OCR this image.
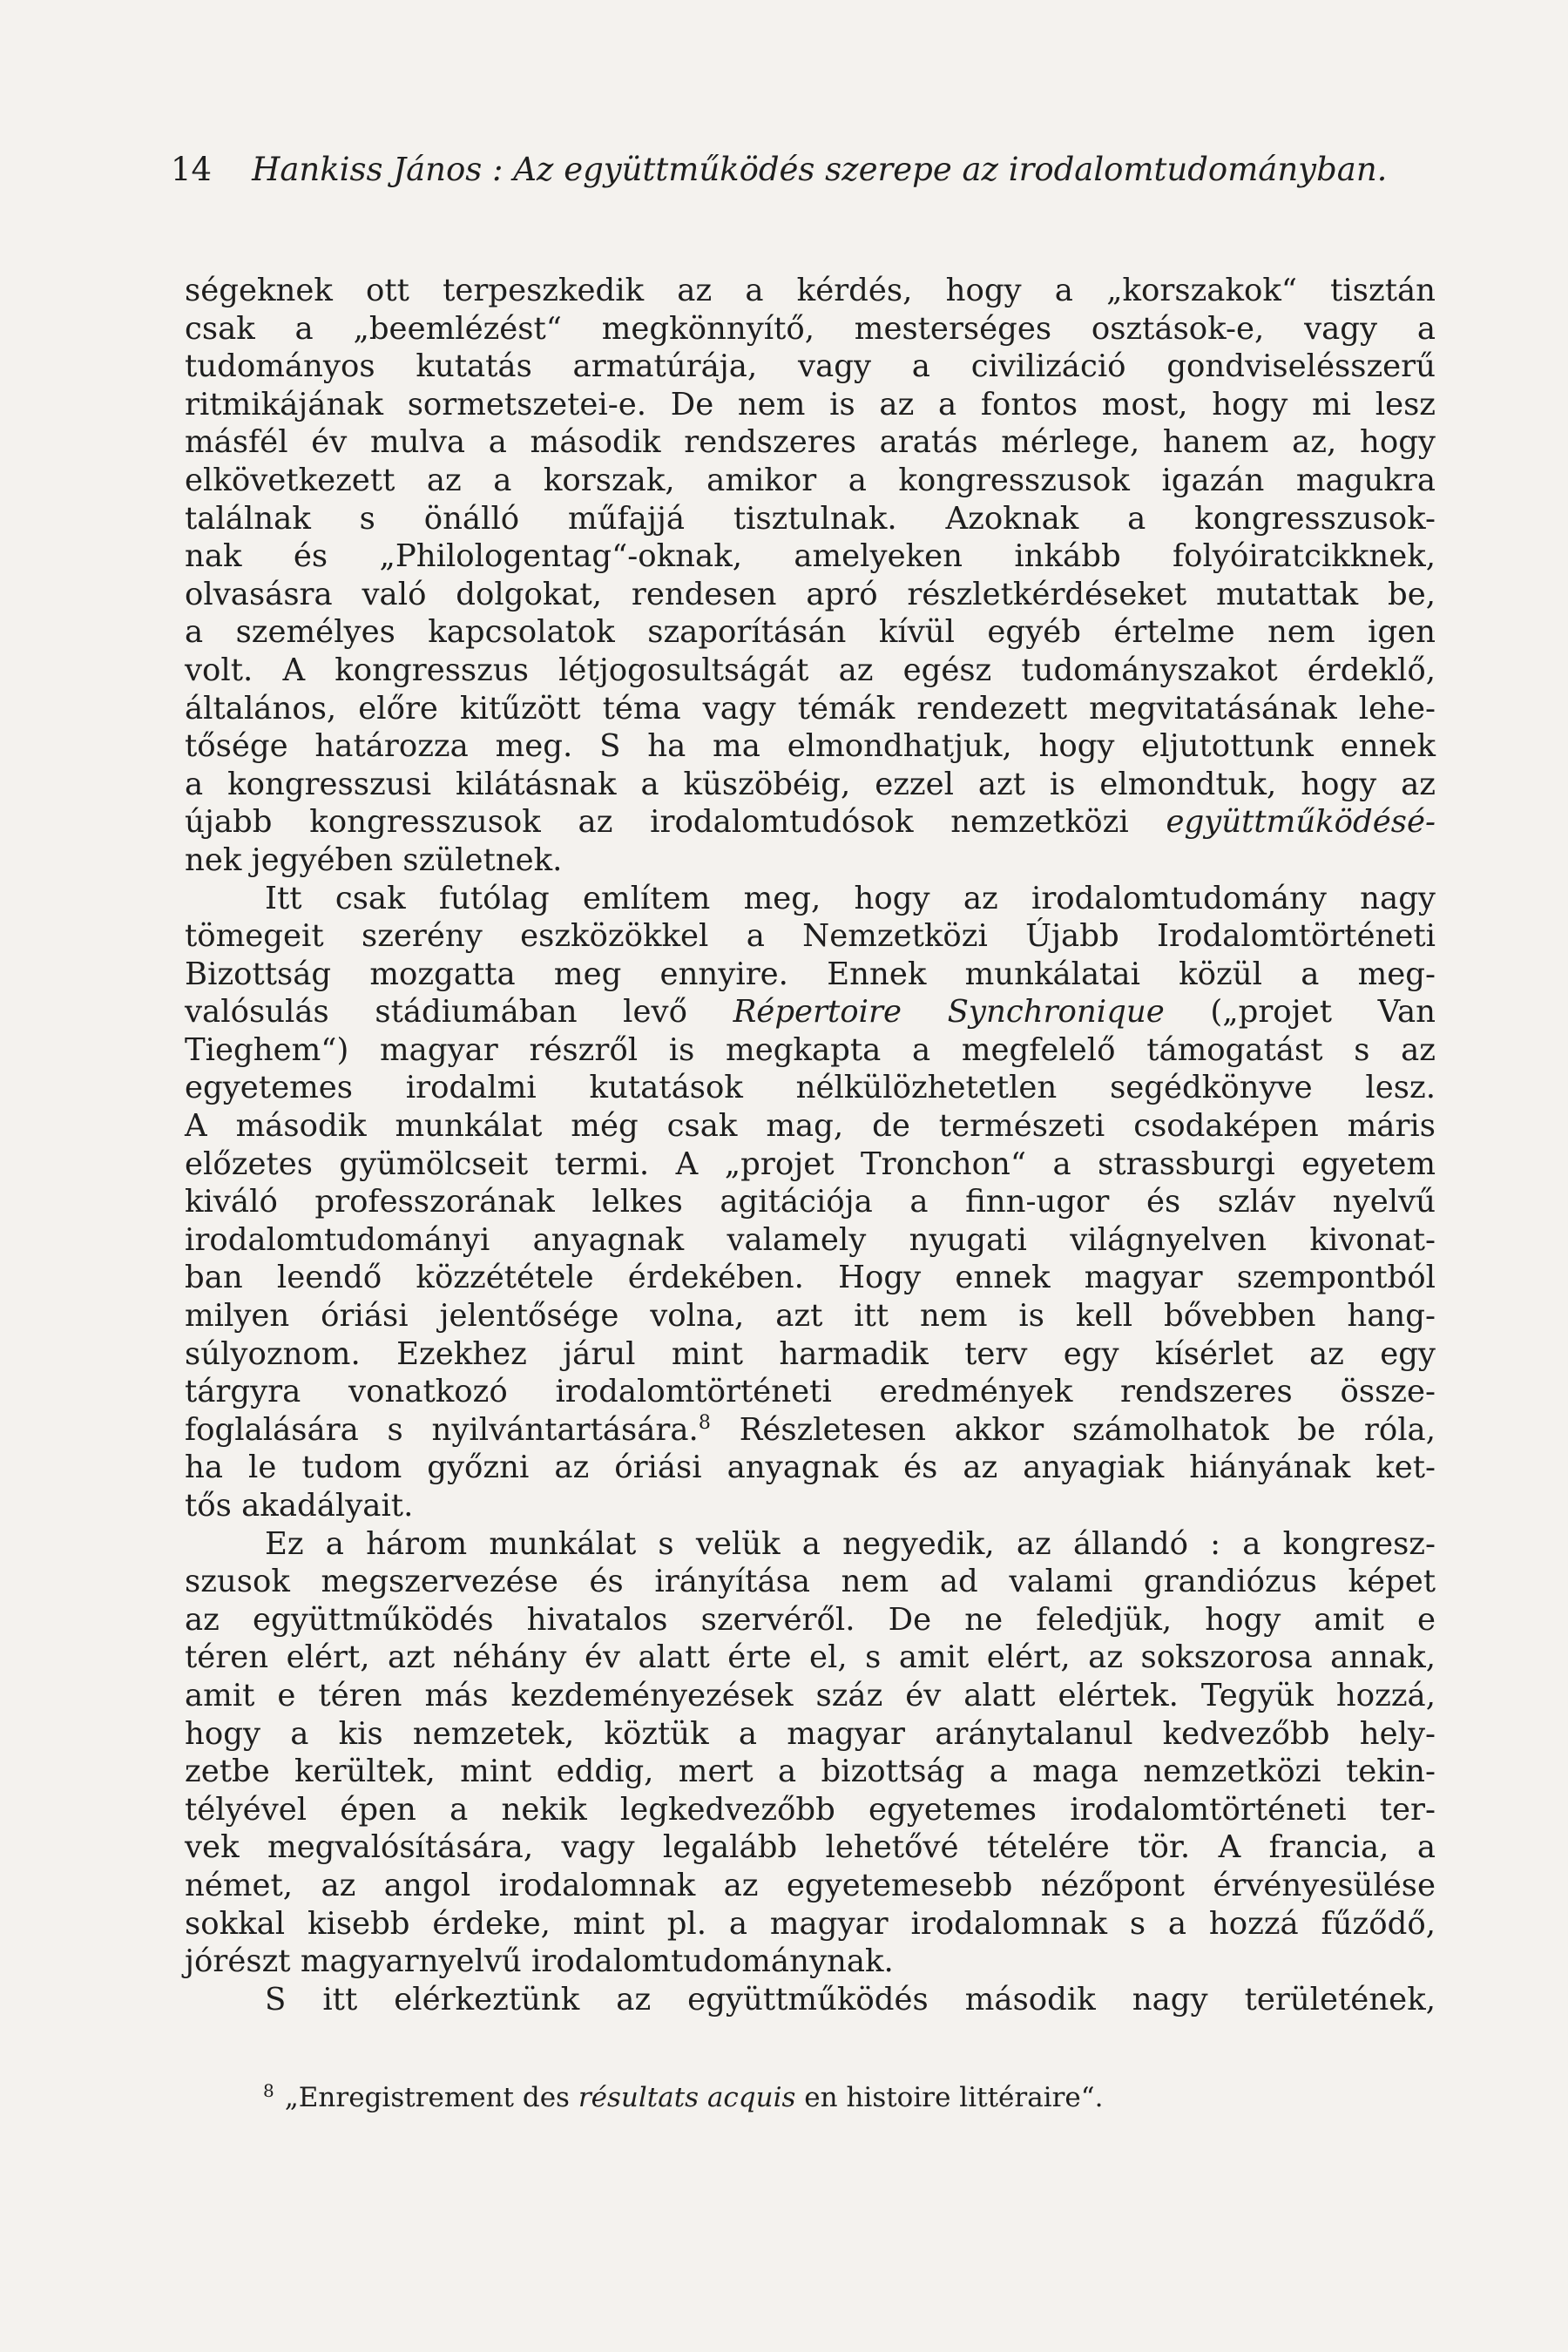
14 Hankiss János : Az együttműködés szerepe az irodalomtudományban.
ségeknek ott terpeszkedik az a kérdés, hogy a „korszakok“ tisztán
csak a „beemlézést“ megkönnyítő, mesterséges osztások-e, vagy a
tudományos kutatás armatúrája, vagy a civilizáció gondviselésszerű
ritmikájának sormetszetei-e. De nem is az a fontos most, hogy mi lesz
másfél év mulva a második rendszeres aratás mérlege, hanem az, hogy
elkövetkezett az a korszak, amikor a kongresszusok igazán magukra
találnak s önálló műfajjá tisztulnak. Azoknak a kongresszusok-
nak és „Philologentag“-oknak, amelyeken inkább folyóiratcikknek,
olvasásra való dolgokat, rendesen apró részletkérdéseket mutattak be,
a személyes kapcsolatok szaporításán kívül egyéb értelme nem igen
volt. A kongresszus létjogosultságát az egész tudományszakot érdeklő,
általános, előre kitűzött téma vagy témák rendezett megvitatásának lehe-
tősége határozza meg. S ha ma elmondhatjuk, hogy eljutottunk ennek
a kongresszusi kilátásnak a küszöbéig, ezzel azt is elmondtuk, hogy az
újabb kongresszusok az irodalomtudósok nemzetközi együttműködésé-
nek jegyében születnek.
Itt csak futólag említem meg, hogy az irodalomtudomány nagy
tömegeit szerény eszközökkel a Nemzetközi Újabb Irodalomtörténeti
Bizottság mozgatta meg ennyire. Ennek munkálatai közül a meg-
valósulás stádiumában levő Répertoire Synchronique („projet Van
Tieghem“) magyar részről is megkapta a megfelelő támogatást s az
egyetemes irodalmi kutatások nélkülözhetetlen segédkönyve lesz.
A második munkálat még csak mag, de természeti csodaképen máris
előzetes gyümölcseit termi. A „projet Tronchon“ a strassburgi egyetem
kiváló professzorának lelkes agitációja a finn-ugor és szláv nyelvű
irodalomtudományi anyagnak valamely nyugati világnyelven kivonat-
ban leendő közzététele érdekében. Hogy ennek magyar szempontból
milyen óriási jelentősége volna, azt itt nem is kell bővebben hang-
súlyoznom. Ezekhez járul mint harmadik terv egy kísérlet az egy
tárgyra vonatkozó irodalomtörténeti eredmények rendszeres össze-
foglalására s nyilvántartására.$^8$ Részletesen akkor számolhatok be róla,
ha le tudom győzni az óriási anyagnak és az anyagiak hiányának ket-
tős akadályait.
Ez a három munkálat s velük a negyedik, az állandó : a kongresz-
szusok megszervezése és irányítása nem ad valami grandiózus képet
az együttműködés hivatalos szervéről. De ne feledjük, hogy amit e
téren elért, azt néhány év alatt érte el, s amit elért, az sokszorosa annak,
amit e téren más kezdeményezések száz év alatt elértek. Tegyük hozzá,
hogy a kis nemzetek, köztük a magyar aránytalanul kedvezőbb hely-
zetbe kerültek, mint eddig, mert a bizottság a maga nemzetközi tekin-
télyével épen a nekik legkedvezőbb egyetemes irodalomtörténeti ter-
vek megvalósítására, vagy legalább lehetővé tételére tör. A francia, a
német, az angol irodalomnak az egyetemesebb nézőpont érvényesülése
sokkal kisebb érdeke, mint pl. a magyar irodalomnak s a hozzá fűződő,
jórészt magyarnyelvű irodalomtudománynak.
S itt elérkeztünk az együttműködés második nagy területének,
$^8$ „Enregistrement des résultats acquis en histoire littéraire“.
